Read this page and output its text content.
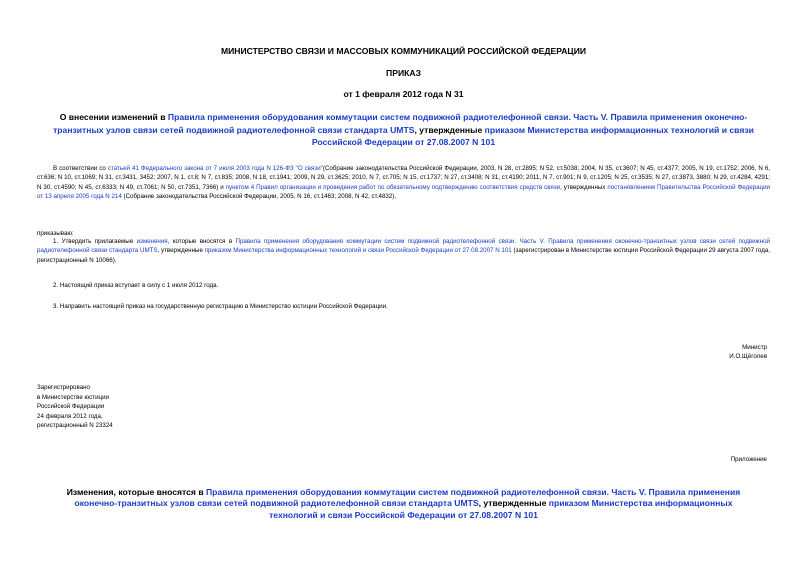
МИНИСТЕРСТВО СВЯЗИ И МАССОВЫХ КОММУНИКАЦИЙ РОССИЙСКОЙ ФЕДЕРАЦИИ
ПРИКАЗ
от 1 февраля 2012 года N 31
О внесении изменений в Правила применения оборудования коммутации систем подвижной радиотелефонной связи. Часть V. Правила применения оконечно-транзитных узлов связи сетей подвижной радиотелефонной связи стандарта UMTS, утвержденные приказом Министерства информационных технологий и связи Российской Федерации от 27.08.2007 N 101
В соответствии со статьей 41 Федерального закона от 7 июля 2003 года N 126-ФЗ "О связи"(Собрание законодательства Российской Федерации, 2003, N 28, ст.2895; N 52, ст.5038; 2004, N 35, ст.3607; N 45, ст.4377; 2005, N 19, ст.1752; 2006, N 6, ст.636; N 10, ст.1069; N 31, ст.3431, 3452; 2007, N 1, ст.8; N 7, ст.835; 2008, N 18, ст.1941; 2009, N 29, ст.3625; 2010, N 7, ст.705; N 15, ст.1737; N 27, ст.3408; N 31, ст.4190; 2011, N 7, ст.901; N 9, ст.1205; N 25, ст.3535; N 27, ст.3873, 3880; N 29, ст.4284, 4291; N 30, ст.4590; N 45, ст.6333; N 49, ст.7061; N 50, ст.7351, 7366) и пунктом 4 Правил организации и проведения работ по обязательному подтверждению соответствия средств связи, утвержденных постановлением Правительства Российской Федерации от 13 апреля 2005 года N 214 (Собрание законодательства Российской Федерации, 2005, N 16, ст.1463; 2008, N 42, ст.4832),
приказываю:
1. Утвердить прилагаемые изменения, которые вносятся в Правила применения оборудования коммутации систем подвижной радиотелефонной связи. Часть V. Правила применения оконечно-транзитных узлов связи сетей подвижной радиотелефонной связи стандарта UMTS, утвержденные приказом Министерства информационных технологий и связи Российской Федерации от 27.08.2007 N 101 (зарегистрирован в Министерстве юстиции Российской Федерации 29 августа 2007 года, регистрационный N 10066).
2. Настоящий приказ вступает в силу с 1 июля 2012 года.
3. Направить настоящий приказ на государственную регистрацию в Министерство юстиции Российской Федерации.
Министр
И.О.Щёголев
Зарегистрировано
в Министерстве юстиции
Российской Федерации
24 февраля 2012 года,
регистрационный N 23324
Приложение
Изменения, которые вносятся в Правила применения оборудования коммутации систем подвижной радиотелефонной связи. Часть V. Правила применения оконечно-транзитных узлов связи сетей подвижной радиотелефонной связи стандарта UMTS, утвержденные приказом Министерства информационных технологий и связи Российской Федерации от 27.08.2007 N 101
